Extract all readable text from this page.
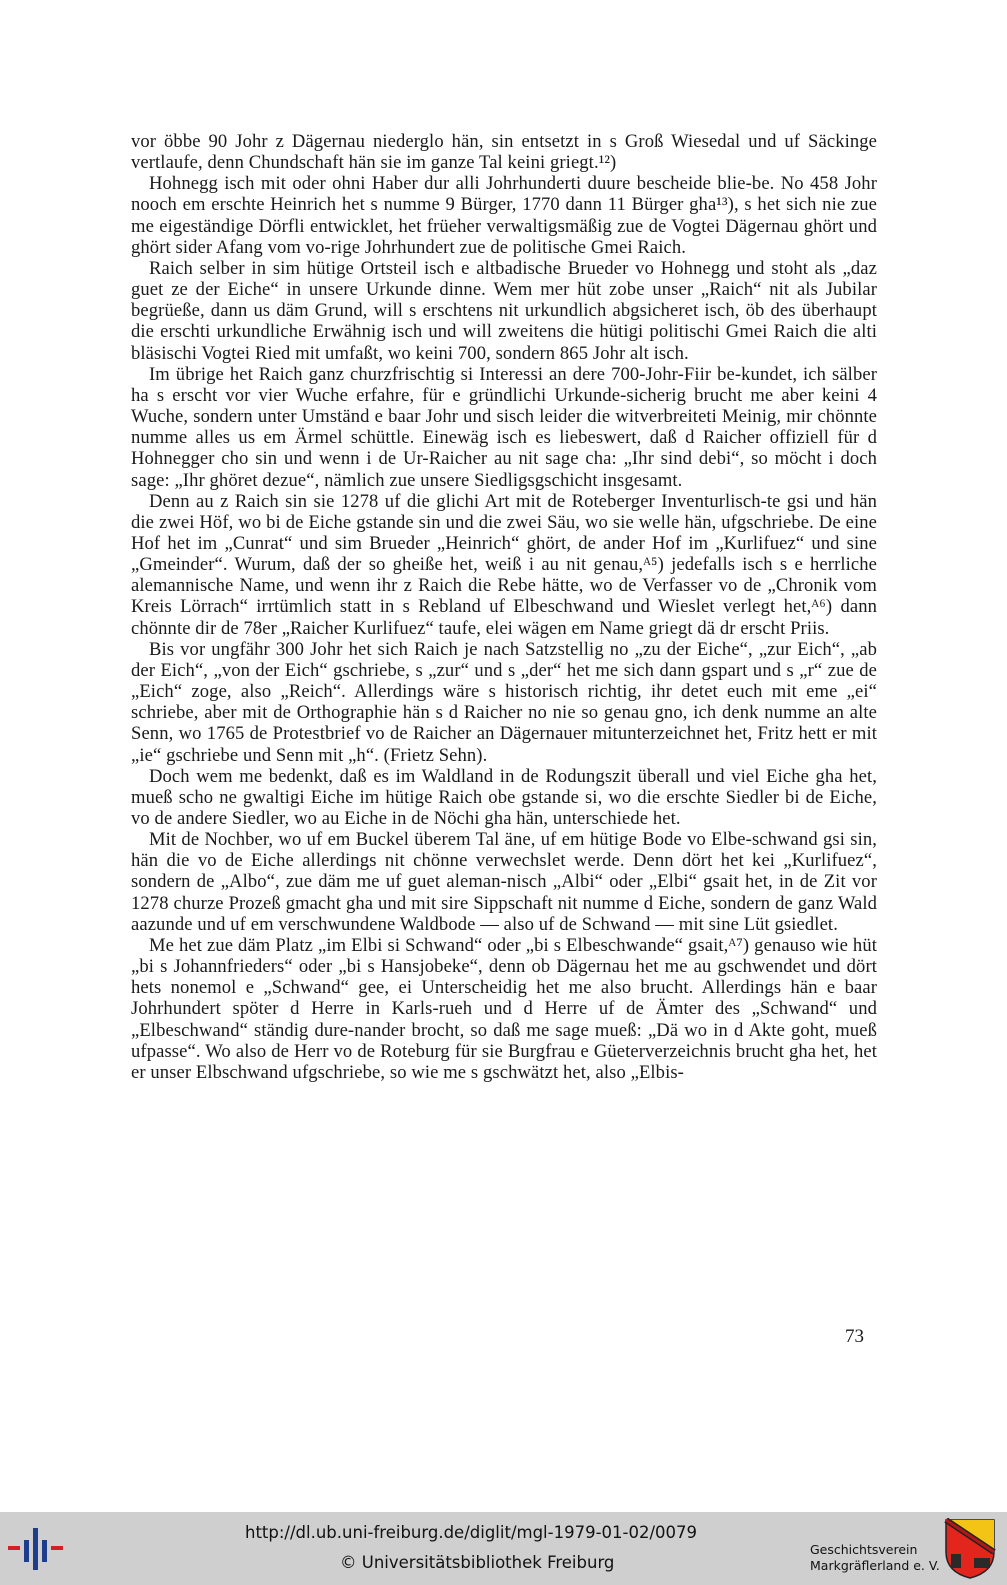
vor öbbe 90 Johr z Dägernau niederglo hän, sin entsetzt in s Groß Wiesedal und uf Säckinge vertlaufe, denn Chundschaft hän sie im ganze Tal keini griegt.¹²)

Hohnegg isch mit oder ohni Haber dur alli Johrhunderti duure bescheide blie-be. No 458 Johr nooch em erschte Heinrich het s numme 9 Bürger, 1770 dann 11 Bürger gha¹³), s het sich nie zue me eigeständige Dörfli entwicklet, het früeher verwaltigsmäßig zue de Vogtei Dägernau ghört und ghört sider Afang vom vo-rige Johrhundert zue de politische Gmei Raich.

Raich selber in sim hütige Ortsteil isch e altbadische Brueder vo Hohnegg und stoht als „daz guet ze der Eiche“ in unsere Urkunde dinne. Wem mer hüt zobe unser „Raich“ nit als Jubilar begrüeße, dann us däm Grund, will s erschtens nit urkundlich abgsicheret isch, öb des überhaupt die erschti urkundliche Erwähnig isch und will zweitens die hütigi politischi Gmei Raich die alti bläsischi Vogtei Ried mit umfaßt, wo keini 700, sondern 865 Johr alt isch.

Im übrige het Raich ganz churzfrischtig si Interessi an dere 700-Johr-Fiir be-kundet, ich sälber ha s erscht vor vier Wuche erfahre, für e gründlichi Urkunde-sicherig brucht me aber keini 4 Wuche, sondern unter Umständ e baar Johr und sisch leider die witverbreiteti Meinig, mir chönnte numme alles us em Ärmel schüttle. Einewäg isch es liebeswert, daß d Raicher offiziell für d Hohnegger cho sin und wenn i de Ur-Raicher au nit sage cha: „Ihr sind debi“, so möcht i doch sage: „Ihr ghöret dezue“, nämlich zue unsere Siedligsgschicht insgesamt.

Denn au z Raich sin sie 1278 uf die glichi Art mit de Roteberger Inventurlisch-te gsi und hän die zwei Höf, wo bi de Eiche gstande sin und die zwei Säu, wo sie welle hän, ufgschriebe. De eine Hof het im „Cunrat“ und sim Brueder „Heinrich“ ghört, de ander Hof im „Kurlifuez“ und sine „Gmeinder“. Wurum, daß der so gheiße het, weiß i au nit genau,ᴬ⁵) jedefalls isch s e herrliche alemannische Name, und wenn ihr z Raich die Rebe hätte, wo de Verfasser vo de „Chronik vom Kreis Lörrach“ irrtümlich statt in s Rebland uf Elbeschwand und Wieslet verlegt het,ᴬ⁶) dann chönnte dir de 78er „Raicher Kurlifuez“ taufe, elei wägen em Name griegt dä dr erscht Priis.

Bis vor ungfähr 300 Johr het sich Raich je nach Satzstellig no „zu der Eiche“, „zur Eich“, „ab der Eich“, „von der Eich“ gschriebe, s „zur“ und s „der“ het me sich dann gspart und s „r“ zue de „Eich“ zoge, also „Reich“. Allerdings wäre s historisch richtig, ihr detet euch mit eme „ei“ schriebe, aber mit de Orthographie hän s d Raicher no nie so genau gno, ich denk numme an alte Senn, wo 1765 de Protestbrief vo de Raicher an Dägernauer mitunterzeichnet het, Fritz hett er mit „ie“ gschriebe und Senn mit „h“. (Frietz Sehn).

Doch wem me bedenkt, daß es im Waldland in de Rodungszit überall und viel Eiche gha het, mueß scho ne gwaltigi Eiche im hütige Raich obe gstande si, wo die erschte Siedler bi de Eiche, vo de andere Siedler, wo au Eiche in de Nöchi gha hän, unterschiede het.

Mit de Nochber, wo uf em Buckel überem Tal äne, uf em hütige Bode vo Elbe-schwand gsi sin, hän die vo de Eiche allerdings nit chönne verwechslet werde. Denn dört het kei „Kurlifuez“, sondern de „Albo“, zue däm me uf guet aleman-nisch „Albi“ oder „Elbi“ gsait het, in de Zit vor 1278 churze Prozeß gmacht gha und mit sire Sippschaft nit numme d Eiche, sondern de ganz Wald aazunde und uf em verschwundene Waldbode — also uf de Schwand — mit sine Lüt gsiedlet.

Me het zue däm Platz „im Elbi si Schwand“ oder „bi s Elbeschwande“ gsait,ᴬ⁷) genauso wie hüt „bi s Johannfrieders“ oder „bi s Hansjobeke“, denn ob Dägernau het me au gschwendet und dört hets nonemol e „Schwand“ gee, ei Unterscheidig het me also brucht. Allerdings hän e baar Johrhundert spöter d Herre in Karls-rueh und d Herre uf de Ämter des „Schwand“ und „Elbeschwand“ ständig dure-nander brocht, so daß me sage mueß: „Dä wo in d Akte goht, mueß ufpasse“. Wo also de Herr vo de Roteburg für sie Burgfrau e Güeterverzeichnis brucht gha het, het er unser Elbschwand ufgschriebe, so wie me s gschwätzt het, also „Elbis-

73
http://dl.ub.uni-freiburg.de/diglit/mgl-1979-01-02/0079
© Universitätsbibliothek Freiburg
Geschichtsverein
Markgräflerland e. V.
